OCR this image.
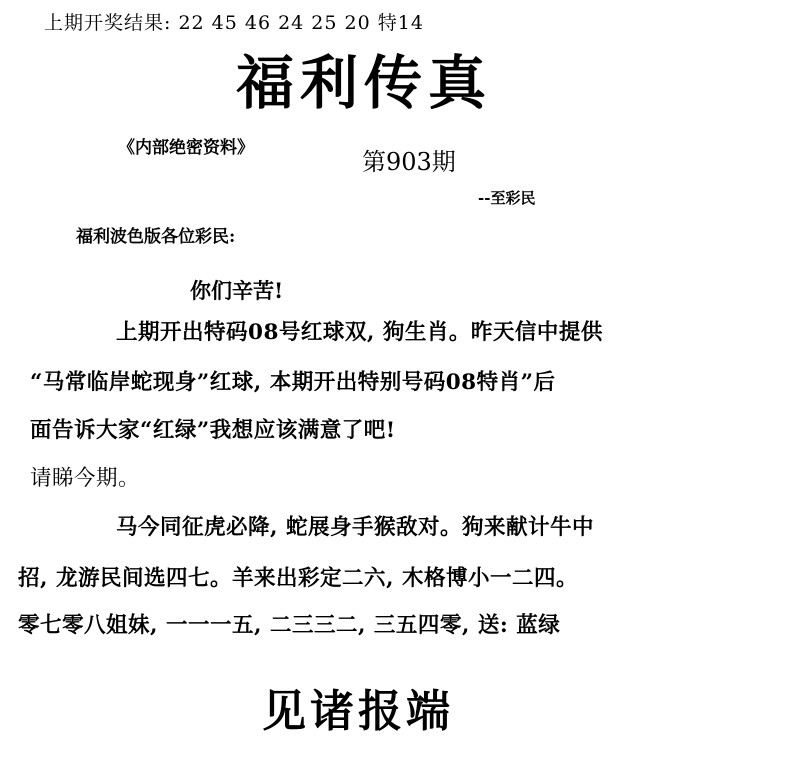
上期开奖结果: 22 45 46 24 25 20 特14

福利传真

《内部绝密资料》	第903期

--至彩民

福利波色版各位彩民:

你们辛苦!

上期开出特码08号红球双, 狗生肖。昨天信中提供

“马常临岸蛇现身”红球, 本期开出特别号码08特肖”后

面告诉大家“红绿”我想应该满意了吧!

请睇今期。

马今同征虎必降, 蛇展身手猴敌对。狗来献计牛中

招, 龙游民间选四七。羊来出彩定二六, 木格博小一二四。

零七零八姐妹, 一一一五, 二三三二, 三五四零, 送: 蓝绿

见诸报端
